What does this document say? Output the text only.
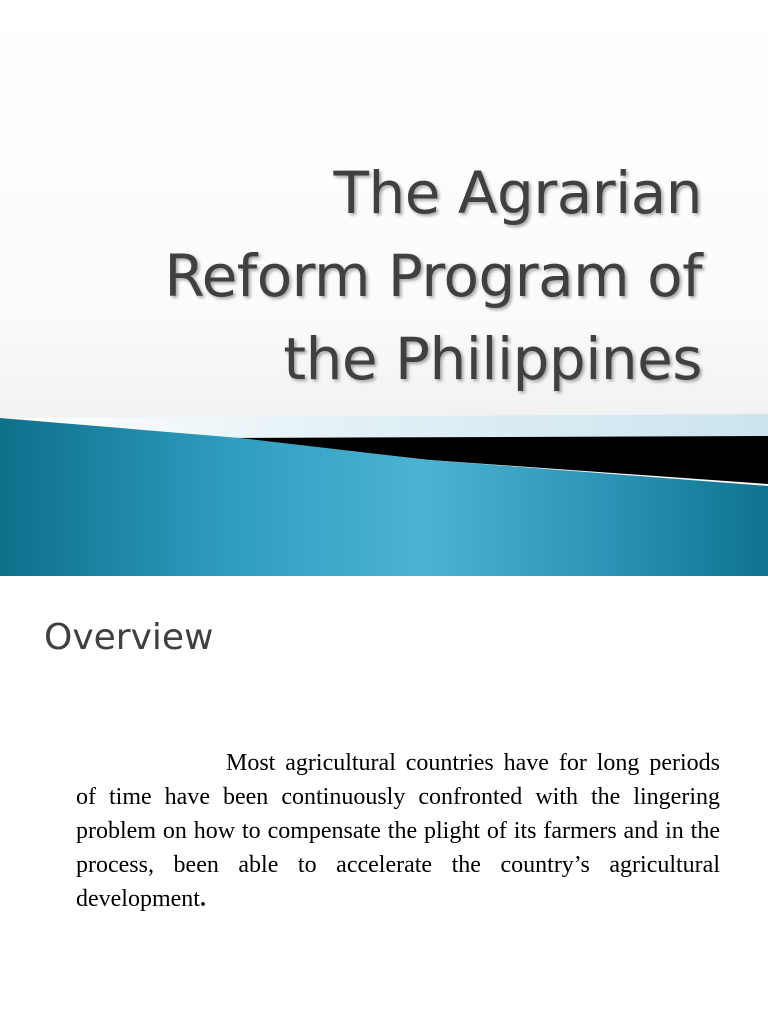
The Agrarian
Reform Program of
the Philippines
Overview

Most agricultural countries have for long periods of time have been continuously confronted with the lingering problem on how to compensate the plight of its farmers and in the process, been able to accelerate the country’s agricultural development.
